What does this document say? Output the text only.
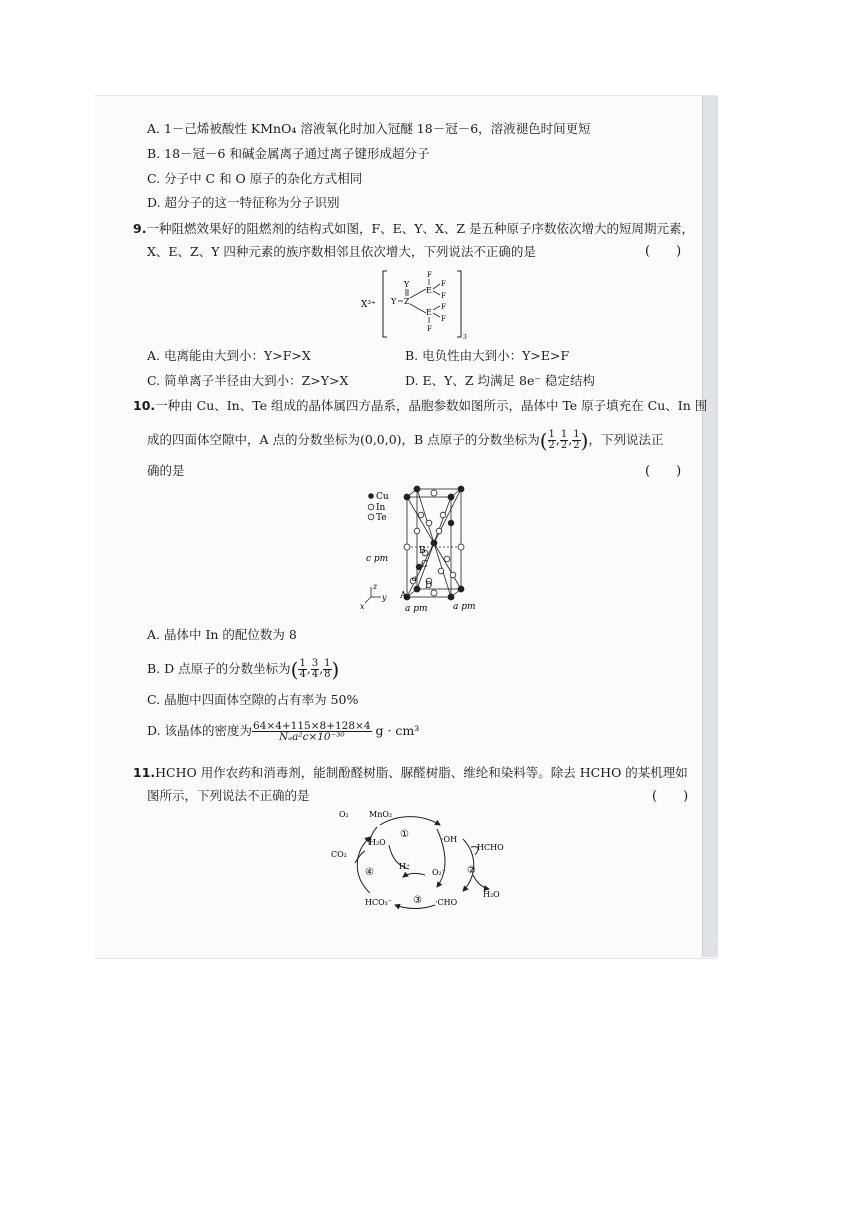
A. 1－己烯被酸性 KMnO₄ 溶液氧化时加入冠醚 18－冠－6，溶液褪色时间更短
B. 18－冠－6 和碱金属离子通过离子键形成超分子
C. 分子中 C 和 O 原子的杂化方式相同
D. 超分子的这一特征称为分子识别
9.一种阻燃效果好的阻燃剂的结构式如图，F、E、Y、X、Z 是五种原子序数依次增大的短周期元素，
X、E、Z、Y 四种元素的族序数相邻且依次增大，下列说法不正确的是	(　　)
X³⁺
3
Y
Y Z
F
E
F
F
E
F
F
F
A. 电离能由大到小：Y>F>X	B. 电负性由大到小：Y>E>F
C. 简单离子半径由大到小：Z>Y>X	D. E、Y、Z 均满足 8e⁻ 稳定结构
10.一种由 Cu、In、Te 组成的晶体属四方晶系，晶胞参数如图所示，晶体中 Te 原子填充在 Cu、In 围
成的四面体空隙中，A 点的分数坐标为(0,0,0)，B 点原子的分数坐标为( $\frac{1}{2}$ , $\frac{1}{2}$ , $\frac{1}{2}$ )，下列说法正
确的是	(　　)
Cu
In
Te
B
C
D
a
A
c pm
a pm	a pm
z
y
x
A. 晶体中 In 的配位数为 8
B. D 点原子的分数坐标为( $\frac{1}{4}$ , $\frac{3}{4}$ , $\frac{1}{8}$ )
C. 晶胞中四面体空隙的占有率为 50%
D. 该晶体的密度为 $\frac{64\times 4+115\times 8+128\times 4}{\text{Nₐa²c×10⁻³⁰}}$ g · cm³
11.HCHO 用作农药和消毒剂，能制酚醛树脂、脲醛树脂、维纶和染料等。除去 HCHO 的某机理如
图所示，下列说法不正确的是	(　　)
O₂	MnO₂
①
H₂O	·OH
HCHO
CO₂
H⁺
O₂⁻
④	②
H₂O
③
HCO₃⁻	·CHO
